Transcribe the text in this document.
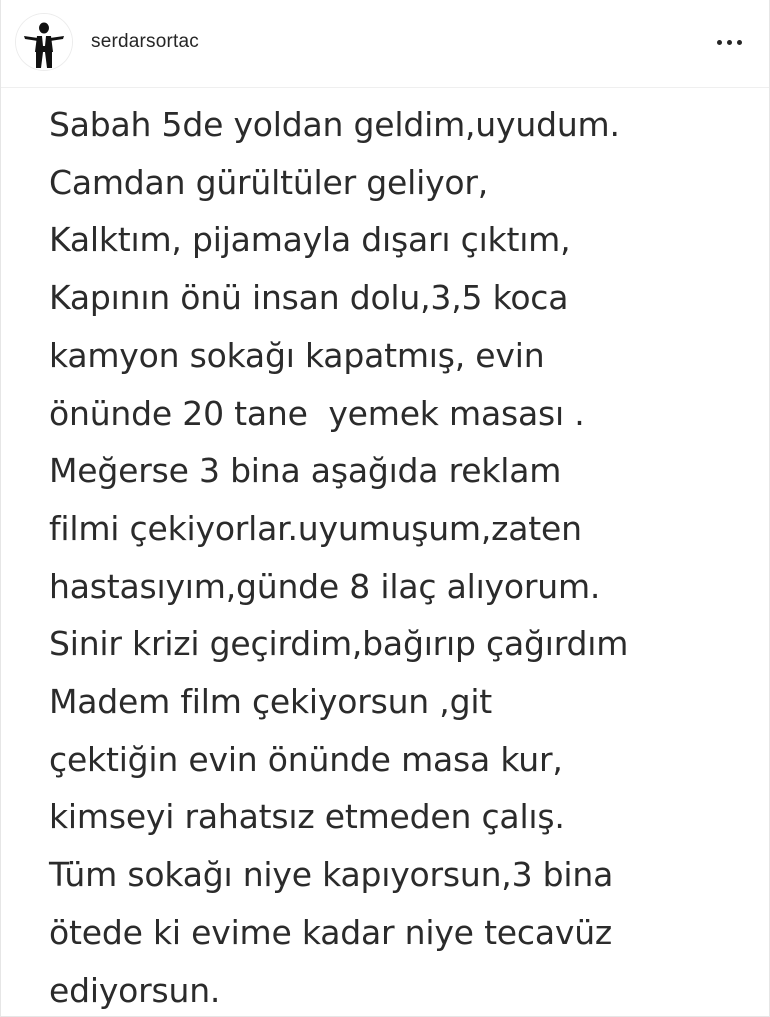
serdarsortac
Sabah 5de yoldan geldim,uyudum.
Camdan gürültüler geliyor,
Kalktım, pijamayla dışarı çıktım,
Kapının önü insan dolu,3,5 koca
kamyon sokağı kapatmış, evin
önünde 20 tane  yemek masası .
Meğerse 3 bina aşağıda reklam
filmi çekiyorlar.uyumuşum,zaten
hastasıyım,günde 8 ilaç alıyorum.
Sinir krizi geçirdim,bağırıp çağırdım
Madem film çekiyorsun ,git
çektiğin evin önünde masa kur,
kimseyi rahatsız etmeden çalış.
Tüm sokağı niye kapıyorsun,3 bina
ötede ki evime kadar niye tecavüz
ediyorsun.
